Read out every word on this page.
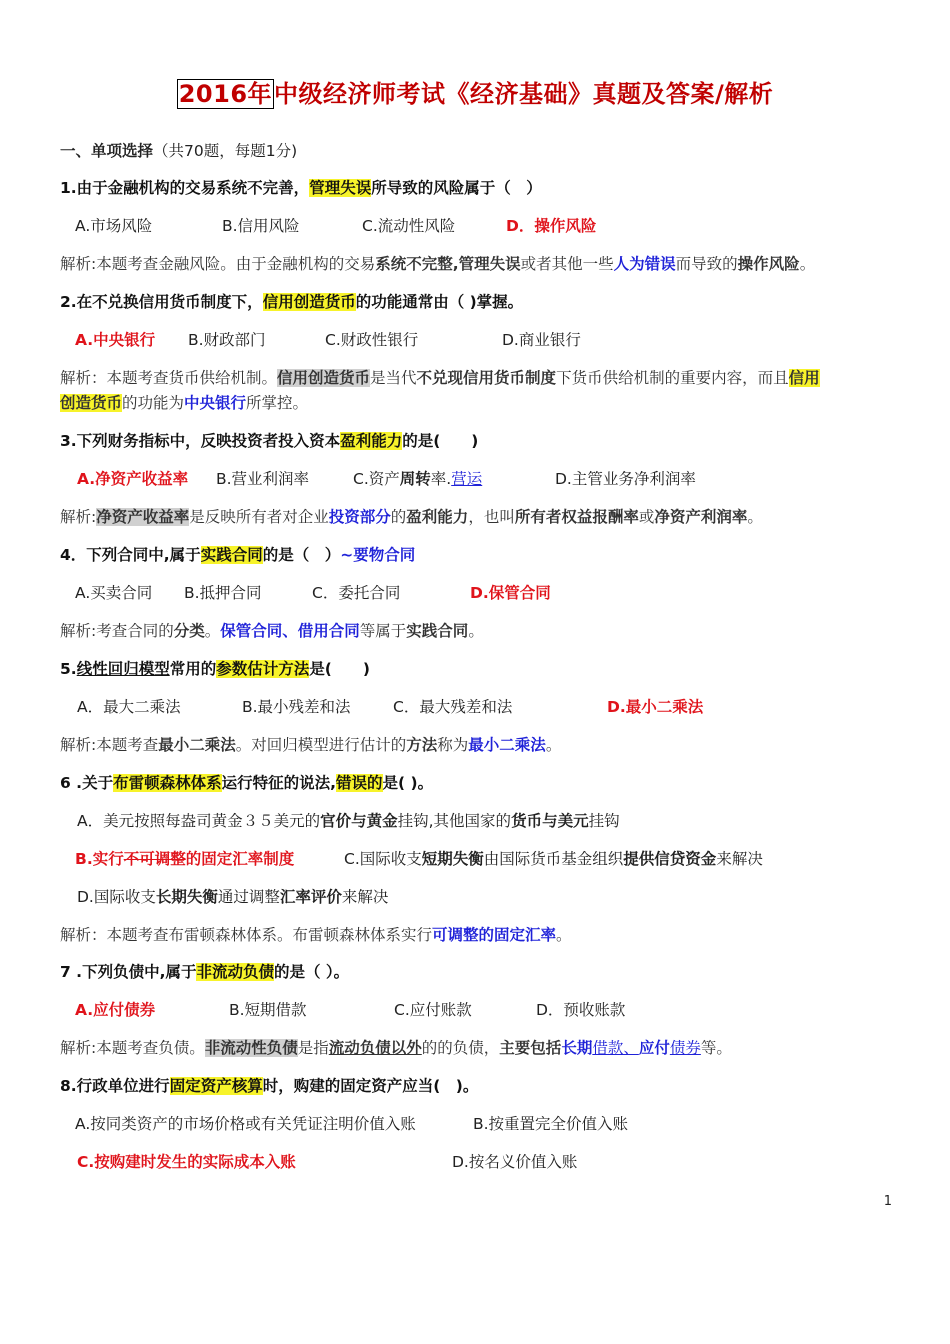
2016年中级经济师考试《经济基础》真题及答案/解析
一、单项选择（共70题，每题1分)
1.由于金融机构的交易系统不完善，管理失误所导致的风险属于（　）
A.市场风险	B.信用风险	C.流动性风险	D．操作风险
解析:本题考查金融风险。由于金融机构的交易系统不完整,管理失误或者其他一些人为错误而导致的操作风险。
2.在不兑换信用货币制度下，信用创造货币的功能通常由（ )掌握。
A.中央银行 B.财政部门	C.财政性银行	D.商业银行
解析：本题考查货币供给机制。信用创造货币是当代不兑现信用货币制度下货币供给机制的重要内容，而且信用
创造货币的功能为中央银行所掌控。
3.下列财务指标中，反映投资者投入资本盈利能力的是(　　)
A.净资产收益率 B.营业利润率	C.资产周转率.营运	D.主管业务净利润率
解析:净资产收益率是反映所有者对企业投资部分的盈利能力，也叫所有者权益报酬率或净资产利润率。
4．下列合同中,属于实践合同的是（　）~要物合同
A.买卖合同 B.抵押合同	C．委托合同	D.保管合同
解析:考查合同的分类。保管合同、借用合同等属于实践合同。
5.线性回归模型常用的参数估计方法是(　　)
A．最大二乘法	B.最小残差和法	C．最大残差和法	D.最小二乘法
解析:本题考查最小二乘法。对回归模型进行估计的方法称为最小二乘法。
6 .关于布雷顿森林体系运行特征的说法,错误的是( )。
A．美元按照每盎司黄金３５美元的官价与黄金挂钩,其他国家的货币与美元挂钩
B.实行不可调整的固定汇率制度	C.国际收支短期失衡由国际货币基金组织提供信贷资金来解决
D.国际收支长期失衡通过调整汇率评价来解决
解析：本题考查布雷顿森林体系。布雷顿森林体系实行可调整的固定汇率。
7 .下列负债中,属于非流动负债的是（ ）。
A.应付债券	B.短期借款	C.应付账款	D．预收账款
解析:本题考查负债。非流动性负债是指流动负债以外的的负债，主要包括长期借款、应付债券等。
8.行政单位进行固定资产核算时，购建的固定资产应当(　)。
A.按同类资产的市场价格或有关凭证注明价值入账	B.按重置完全价值入账
C.按购建时发生的实际成本入账	D.按名义价值入账
1
